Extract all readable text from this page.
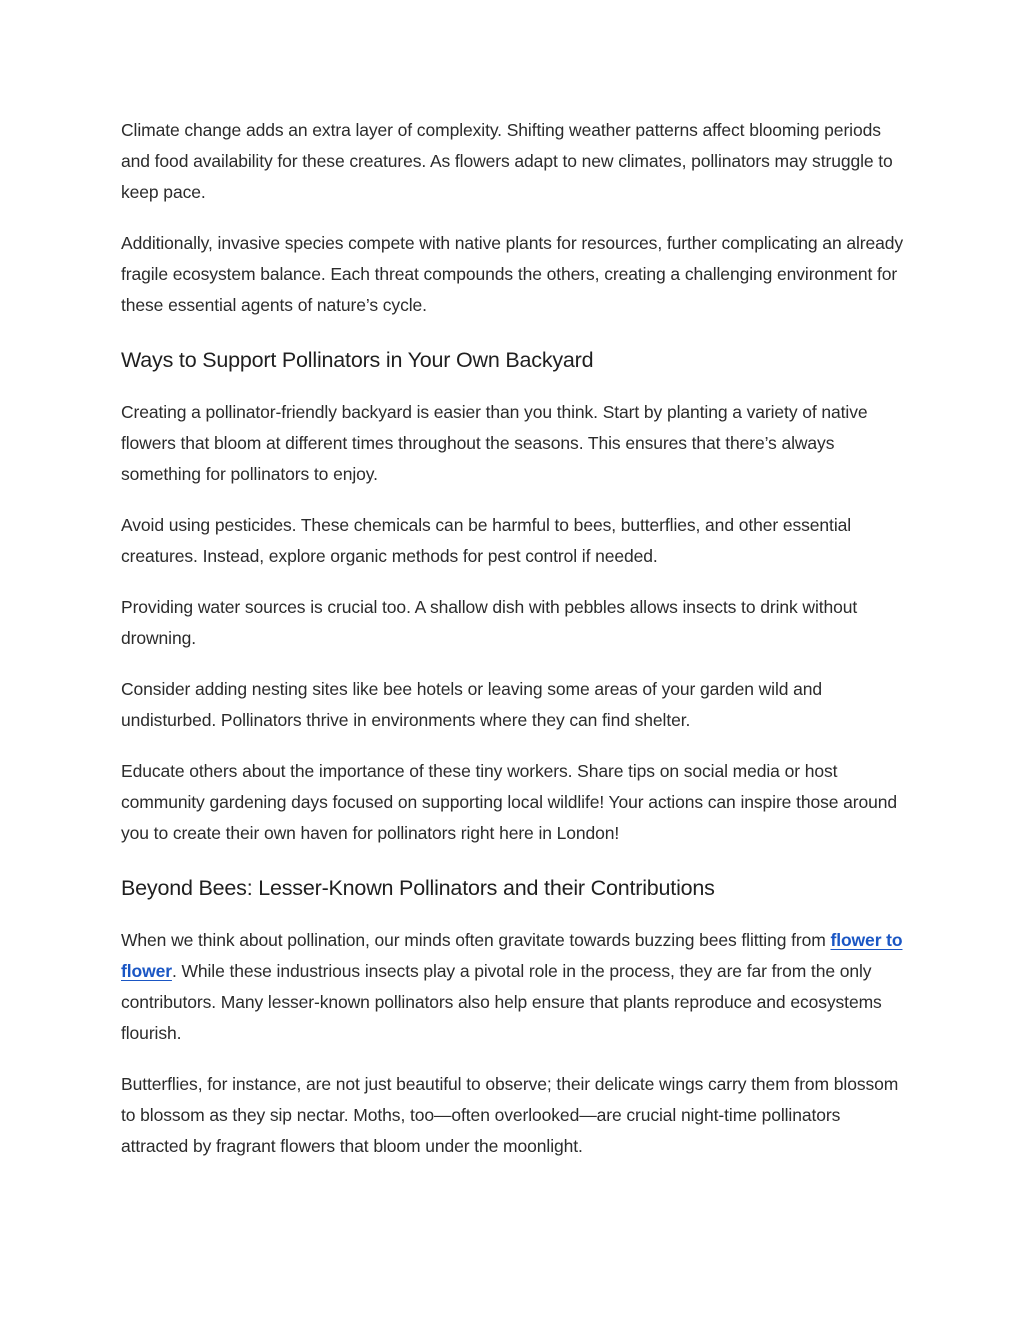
Climate change adds an extra layer of complexity. Shifting weather patterns affect blooming periods and food availability for these creatures. As flowers adapt to new climates, pollinators may struggle to keep pace.

Additionally, invasive species compete with native plants for resources, further complicating an already fragile ecosystem balance. Each threat compounds the others, creating a challenging environment for these essential agents of nature’s cycle.

Ways to Support Pollinators in Your Own Backyard

Creating a pollinator-friendly backyard is easier than you think. Start by planting a variety of native flowers that bloom at different times throughout the seasons. This ensures that there’s always something for pollinators to enjoy.

Avoid using pesticides. These chemicals can be harmful to bees, butterflies, and other essential creatures. Instead, explore organic methods for pest control if needed.

Providing water sources is crucial too. A shallow dish with pebbles allows insects to drink without drowning.

Consider adding nesting sites like bee hotels or leaving some areas of your garden wild and undisturbed. Pollinators thrive in environments where they can find shelter.

Educate others about the importance of these tiny workers. Share tips on social media or host community gardening days focused on supporting local wildlife! Your actions can inspire those around you to create their own haven for pollinators right here in London!

Beyond Bees: Lesser-Known Pollinators and their Contributions

When we think about pollination, our minds often gravitate towards buzzing bees flitting from flower to flower. While these industrious insects play a pivotal role in the process, they are far from the only contributors. Many lesser-known pollinators also help ensure that plants reproduce and ecosystems flourish.

Butterflies, for instance, are not just beautiful to observe; their delicate wings carry them from blossom to blossom as they sip nectar. Moths, too—often overlooked—are crucial night-time pollinators attracted by fragrant flowers that bloom under the moonlight.
